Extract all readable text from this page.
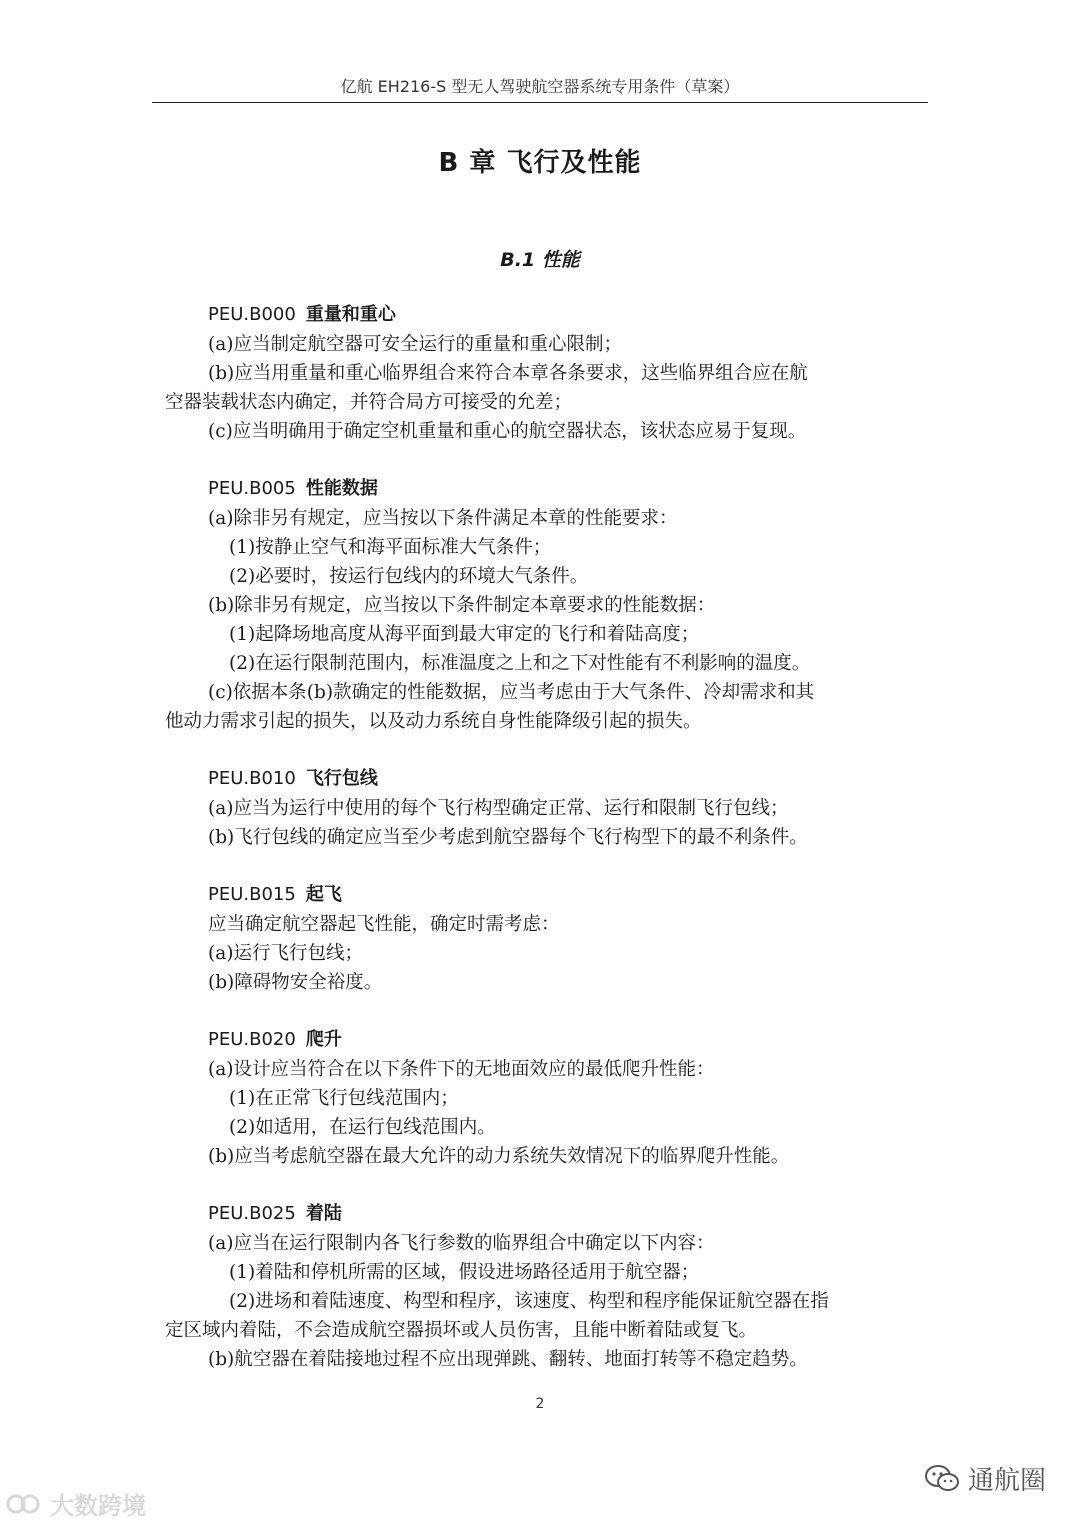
亿航 EH216-S 型无人驾驶航空器系统专用条件（草案）
B 章 飞行及性能
B.1 性能
PEU.B000 重量和重心
(a)应当制定航空器可安全运行的重量和重心限制；
(b)应当用重量和重心临界组合来符合本章各条要求，这些临界组合应在航
空器装载状态内确定，并符合局方可接受的允差；
(c)应当明确用于确定空机重量和重心的航空器状态，该状态应易于复现。
PEU.B005 性能数据
(a)除非另有规定，应当按以下条件满足本章的性能要求：
(1)按静止空气和海平面标准大气条件；
(2)必要时，按运行包线内的环境大气条件。
(b)除非另有规定，应当按以下条件制定本章要求的性能数据：
(1)起降场地高度从海平面到最大审定的飞行和着陆高度；
(2)在运行限制范围内，标准温度之上和之下对性能有不利影响的温度。
(c)依据本条(b)款确定的性能数据，应当考虑由于大气条件、冷却需求和其
他动力需求引起的损失，以及动力系统自身性能降级引起的损失。
PEU.B010 飞行包线
(a)应当为运行中使用的每个飞行构型确定正常、运行和限制飞行包线；
(b)飞行包线的确定应当至少考虑到航空器每个飞行构型下的最不利条件。
PEU.B015 起飞
应当确定航空器起飞性能，确定时需考虑：
(a)运行飞行包线；
(b)障碍物安全裕度。
PEU.B020 爬升
(a)设计应当符合在以下条件下的无地面效应的最低爬升性能：
(1)在正常飞行包线范围内；
(2)如适用，在运行包线范围内。
(b)应当考虑航空器在最大允许的动力系统失效情况下的临界爬升性能。
PEU.B025 着陆
(a)应当在运行限制内各飞行参数的临界组合中确定以下内容：
(1)着陆和停机所需的区域，假设进场路径适用于航空器；
(2)进场和着陆速度、构型和程序，该速度、构型和程序能保证航空器在指
定区域内着陆，不会造成航空器损坏或人员伤害，且能中断着陆或复飞。
(b)航空器在着陆接地过程不应出现弹跳、翻转、地面打转等不稳定趋势。
2
大数跨境
通航圈
